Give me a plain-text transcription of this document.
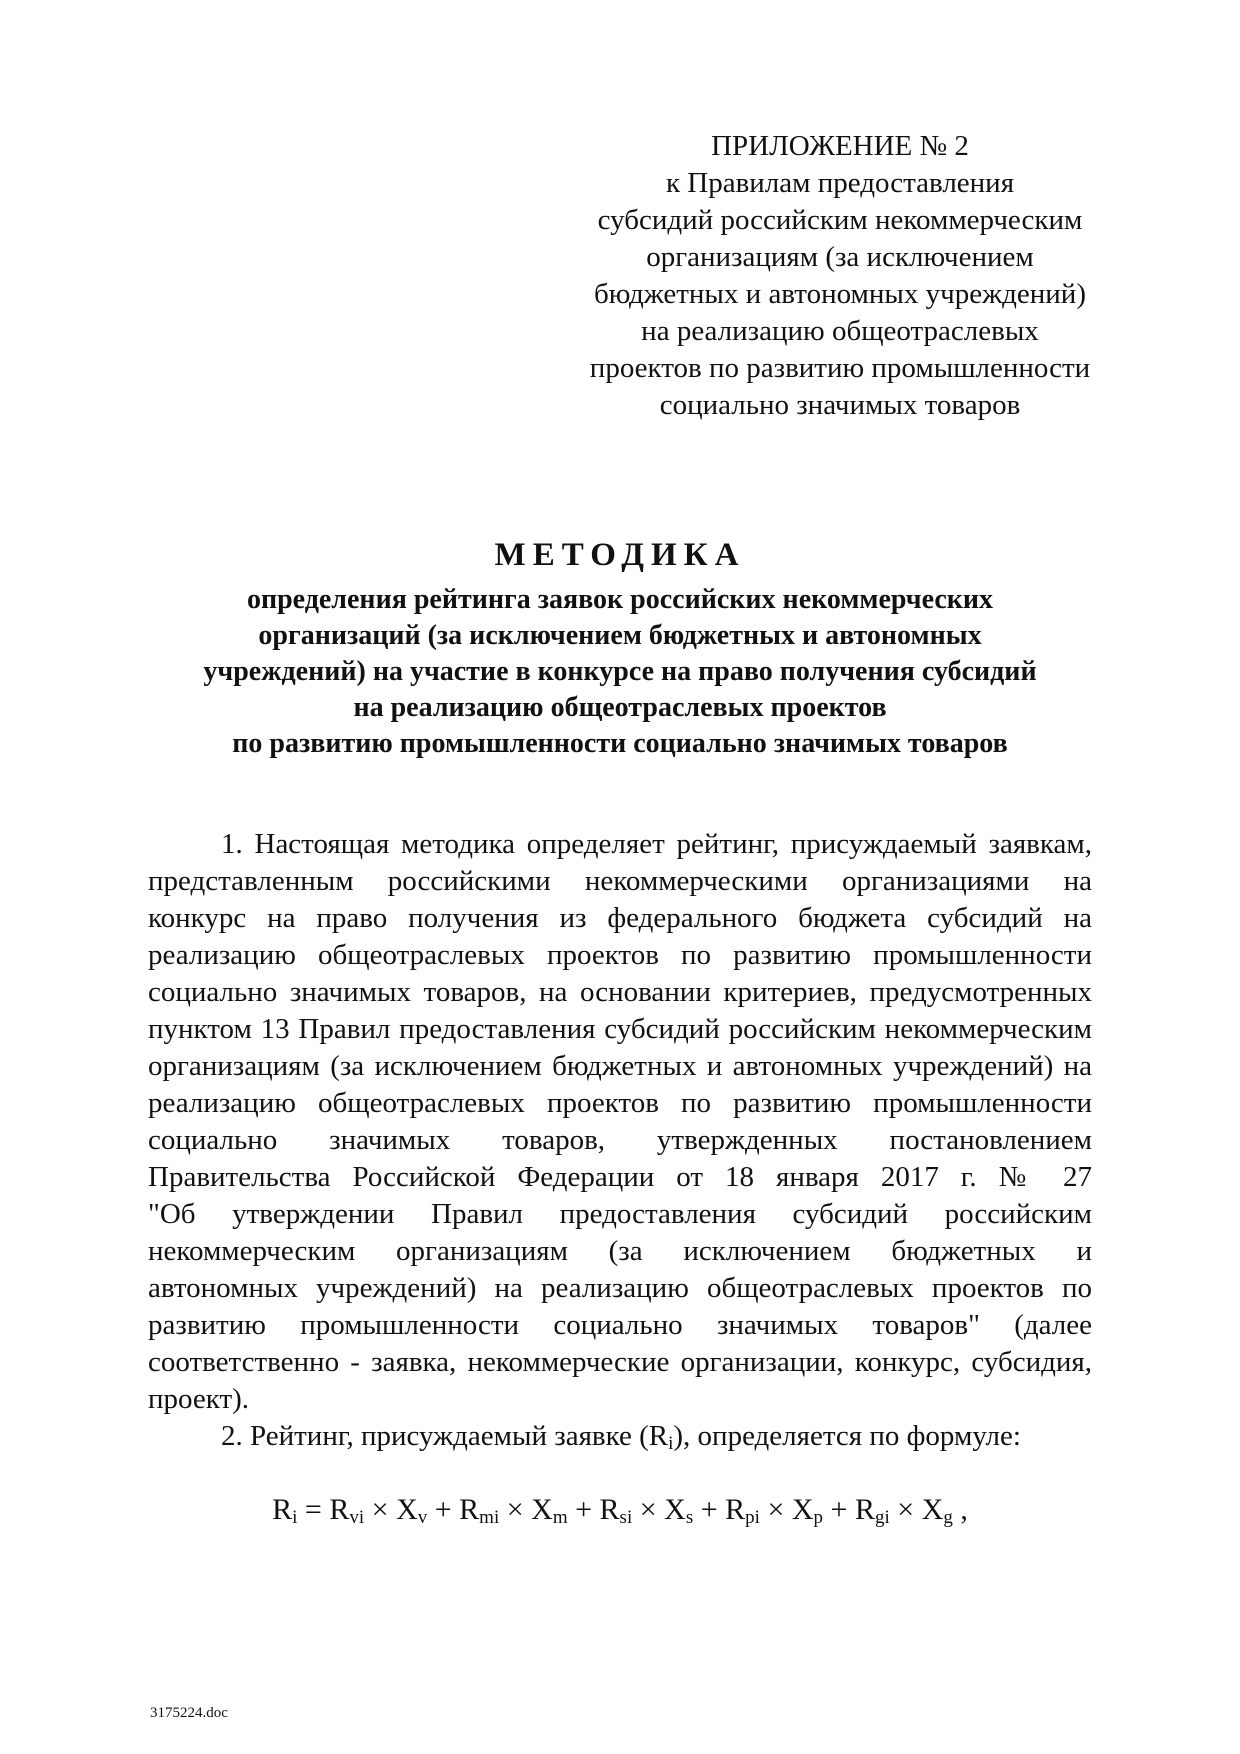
ПРИЛОЖЕНИЕ № 2
к Правилам предоставления
субсидий российским некоммерческим
организациям (за исключением
бюджетных и автономных учреждений)
на реализацию общеотраслевых
проектов по развитию промышленности
социально значимых товаров
МЕТОДИКА
определения рейтинга заявок российских некоммерческих
организаций (за исключением бюджетных и автономных
учреждений) на участие в конкурсе на право получения субсидий
на реализацию общеотраслевых проектов
по развитию промышленности социально значимых товаров
1. Настоящая методика определяет рейтинг, присуждаемый заявкам,
представленным российскими некоммерческими организациями на
конкурс на право получения из федерального бюджета субсидий на
реализацию общеотраслевых проектов по развитию промышленности
социально значимых товаров, на основании критериев, предусмотренных
пунктом 13 Правил предоставления субсидий российским некоммерческим
организациям (за исключением бюджетных и автономных учреждений) на
реализацию общеотраслевых проектов по развитию промышленности
социально значимых товаров, утвержденных постановлением
Правительства Российской Федерации от 18 января 2017 г. № 27
"Об утверждении Правил предоставления субсидий российским
некоммерческим организациям (за исключением бюджетных и
автономных учреждений) на реализацию общеотраслевых проектов по
развитию промышленности социально значимых товаров" (далее
соответственно - заявка, некоммерческие организации, конкурс, субсидия,
проект).
2. Рейтинг, присуждаемый заявке $(R_i)$, определяется по формуле:
$R_i = R_{vi} \times X_v + R_{mi} \times X_m + R_{si} \times X_s + R_{pi} \times X_p + R_{gi} \times X_g$ ,
3175224.doc
